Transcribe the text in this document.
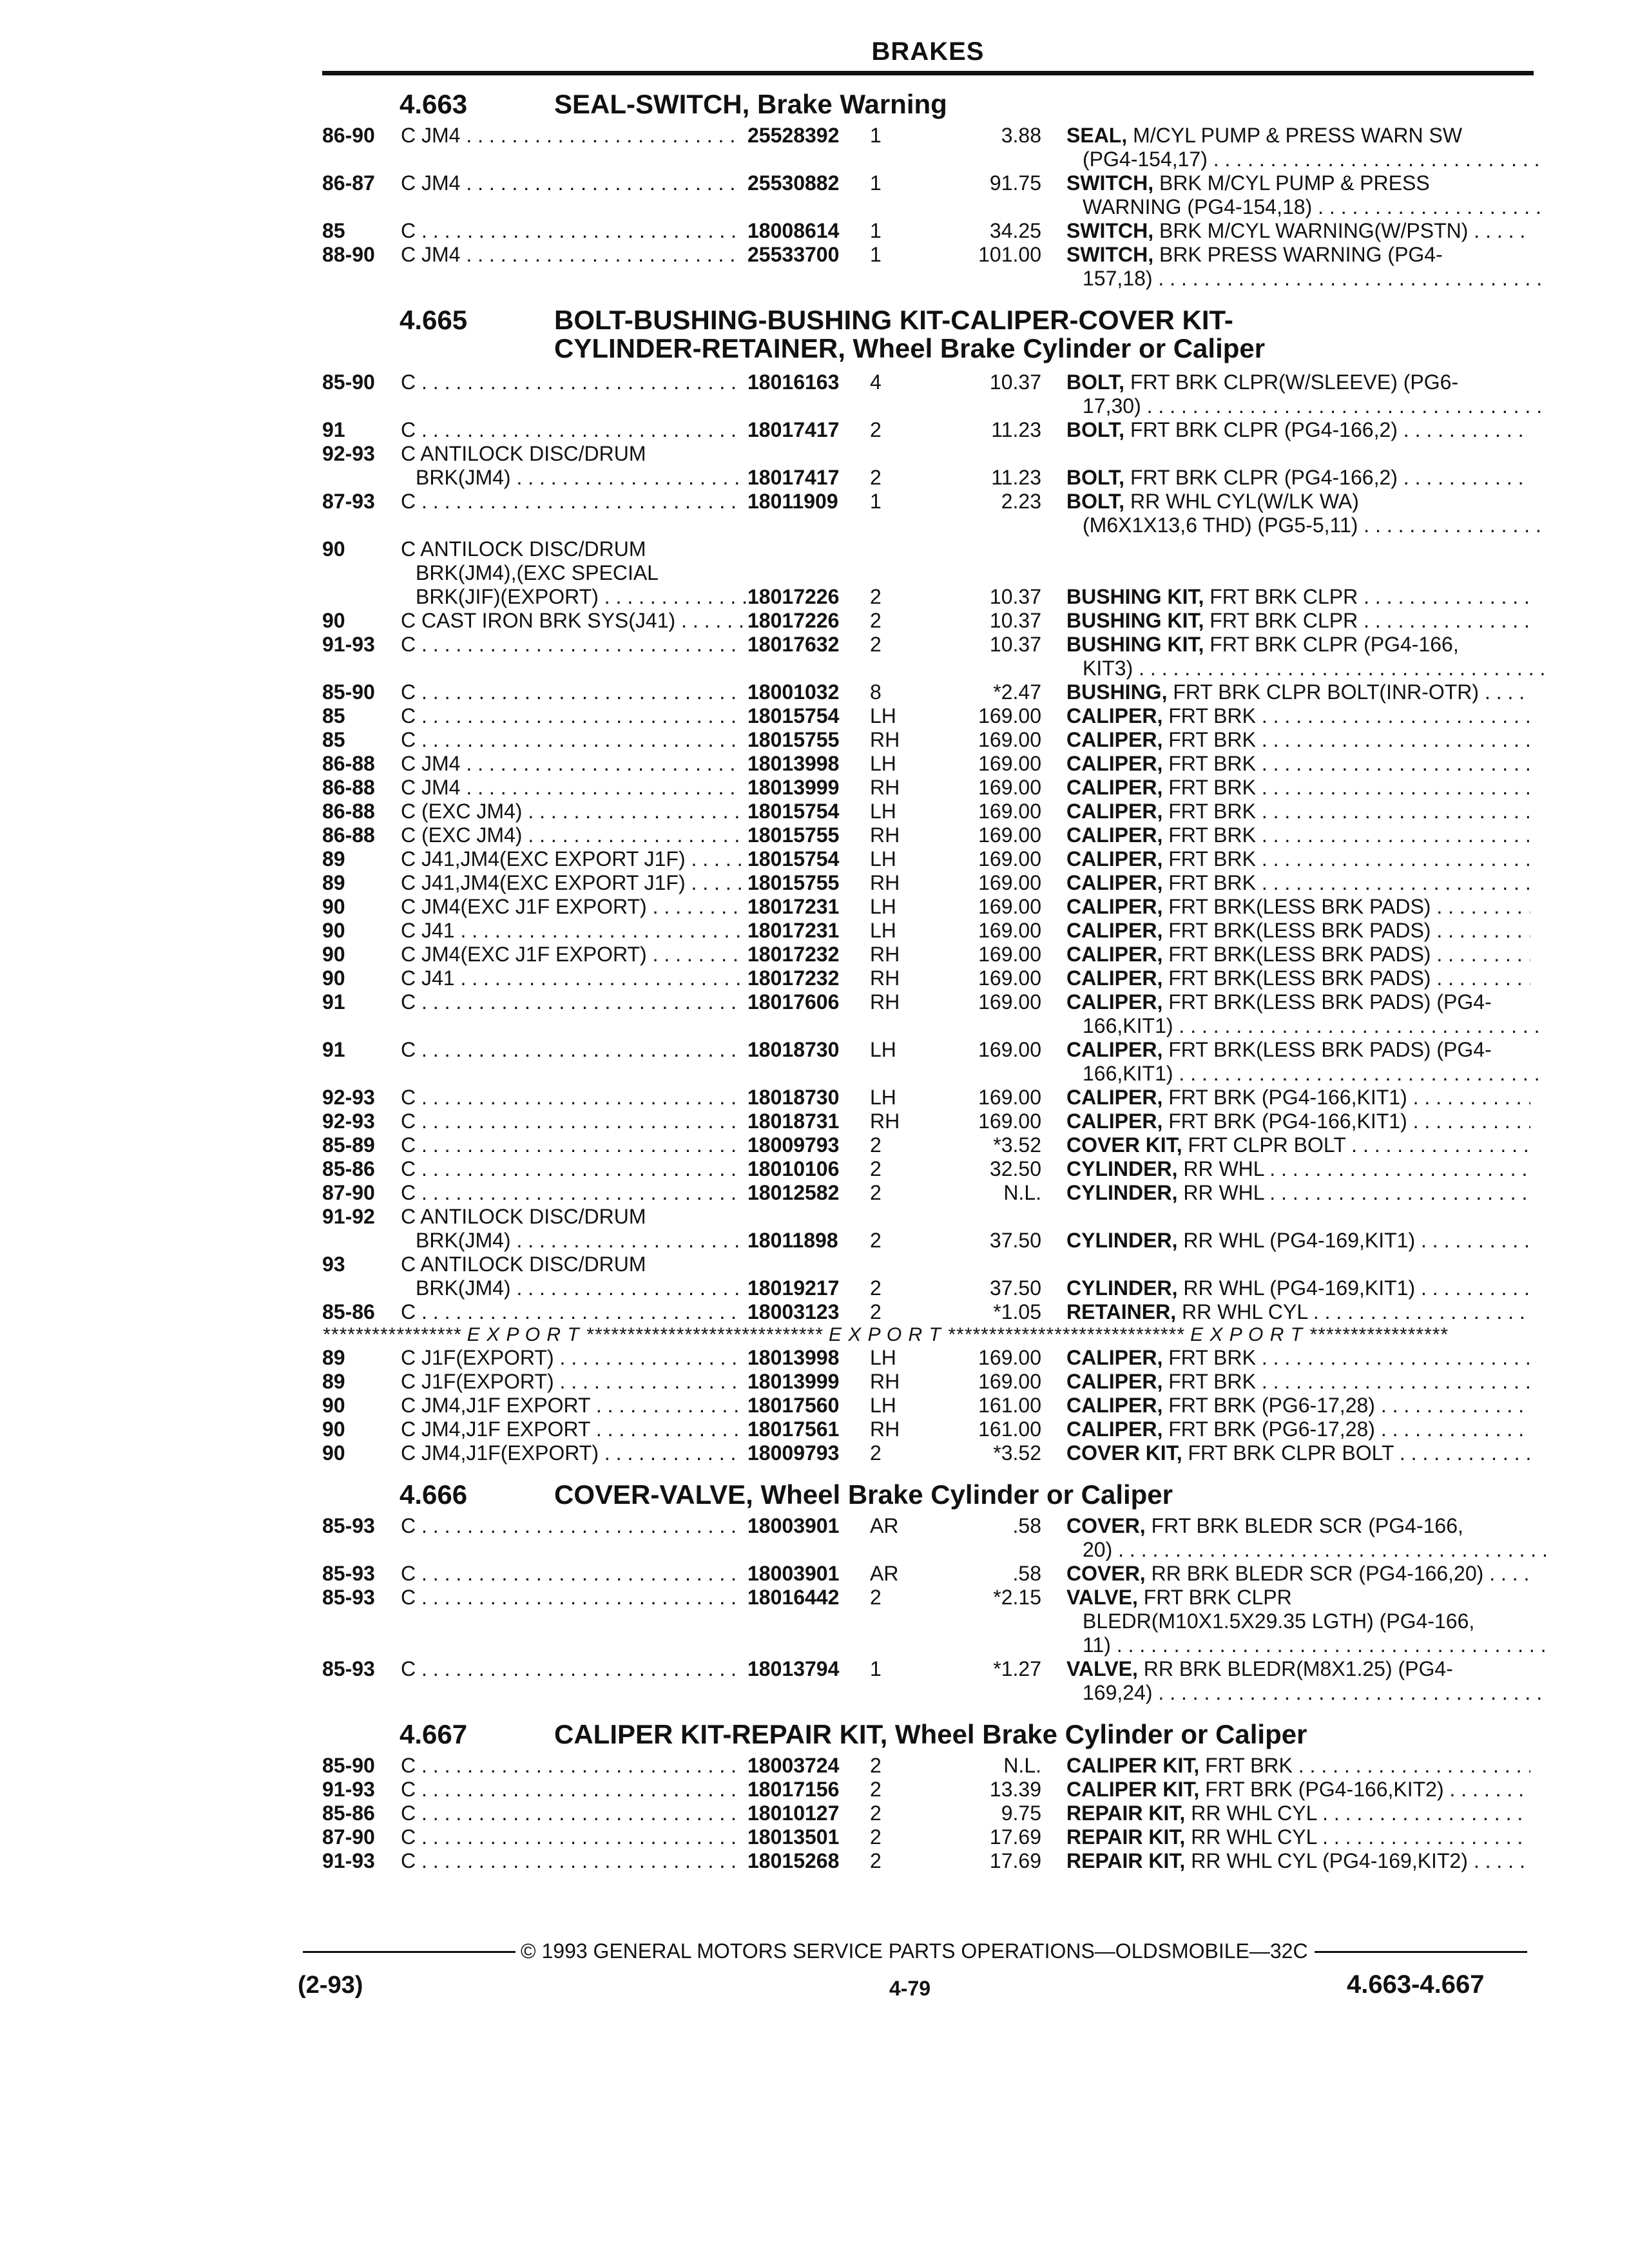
BRAKES
4.663	SEAL-SWITCH, Brake Warning
86-90 C JM4 . . .	25528392 1	3.88 SEAL, M/CYL PUMP & PRESS WARN SW
(PG4-154,17) . . .
86-87 C JM4 . . .	25530882 1	91.75 SWITCH, BRK M/CYL PUMP & PRESS
WARNING (PG4-154,18) . . .
85	C . . .	18008614 1	34.25 SWITCH, BRK M/CYL WARNING(W/PSTN) . . .
88-90 C JM4 . . .	25533700 1	101.00 SWITCH, BRK PRESS WARNING (PG4-
157,18) . . .
4.665	BOLT-BUSHING-BUSHING KIT-CALIPER-COVER KIT-
CYLINDER-RETAINER, Wheel Brake Cylinder or Caliper
85-90 C . . .	18016163 4	10.37 BOLT, FRT BRK CLPR(W/SLEEVE) (PG6-
17,30) . . .
91	C . . .	18017417 2	11.23 BOLT, FRT BRK CLPR (PG4-166,2) . . .
92-93 C ANTILOCK DISC/DRUM
BRK(JM4) . . .	18017417 2	11.23 BOLT, FRT BRK CLPR (PG4-166,2) . . .
87-93 C . . .	18011909 1	2.23 BOLT, RR WHL CYL(W/LK WA)
(M6X1X13,6 THD) (PG5-5,11) . . .
90	C ANTILOCK DISC/DRUM
BRK(JM4),(EXC SPECIAL
BRK(JIF)(EXPORT) . . .	18017226 2	10.37 BUSHING KIT, FRT BRK CLPR . . .
90	C CAST IRON BRK SYS(J41) . . .	18017226 2	10.37 BUSHING KIT, FRT BRK CLPR . . .
91-93 C . . .	18017632 2	10.37 BUSHING KIT, FRT BRK CLPR (PG4-166,
KIT3) . . .
85-90 C . . .	18001032 8	*2.47 BUSHING, FRT BRK CLPR BOLT(INR-OTR) . . .
85	C . . .	18015754 LH	169.00 CALIPER, FRT BRK . . .
85	C . . .	18015755 RH	169.00 CALIPER, FRT BRK . . .
86-88 C JM4 . . .	18013998 LH	169.00 CALIPER, FRT BRK . . .
86-88 C JM4 . . .	18013999 RH	169.00 CALIPER, FRT BRK . . .
86-88 C (EXC JM4) . . .	18015754 LH	169.00 CALIPER, FRT BRK . . .
86-88 C (EXC JM4) . . .	18015755 RH	169.00 CALIPER, FRT BRK . . .
89	C J41,JM4(EXC EXPORT J1F) . . .	18015754 LH	169.00 CALIPER, FRT BRK . . .
89	C J41,JM4(EXC EXPORT J1F) . . .	18015755 RH	169.00 CALIPER, FRT BRK . . .
90	C JM4(EXC J1F EXPORT) . . .	18017231 LH	169.00 CALIPER, FRT BRK(LESS BRK PADS) . . .
90	C J41 . . .	18017231 LH	169.00 CALIPER, FRT BRK(LESS BRK PADS) . . .
90	C JM4(EXC J1F EXPORT) . . .	18017232 RH	169.00 CALIPER, FRT BRK(LESS BRK PADS) . . .
90	C J41 . . .	18017232 RH	169.00 CALIPER, FRT BRK(LESS BRK PADS) . . .
91	C . . .	18017606 RH	169.00 CALIPER, FRT BRK(LESS BRK PADS) (PG4-
166,KIT1) . . .
91	C . . .	18018730 LH	169.00 CALIPER, FRT BRK(LESS BRK PADS) (PG4-
166,KIT1) . . .
92-93 C . . .	18018730 LH	169.00 CALIPER, FRT BRK (PG4-166,KIT1) . . .
92-93 C . . .	18018731 RH	169.00 CALIPER, FRT BRK (PG4-166,KIT1) . . .
85-89 C . . .	18009793 2	*3.52 COVER KIT, FRT CLPR BOLT . . .
85-86 C . . .	18010106 2	32.50 CYLINDER, RR WHL . . .
87-90 C . . .	18012582 2	N.L. CYLINDER, RR WHL . . .
91-92 C ANTILOCK DISC/DRUM
BRK(JM4) . . .	18011898 2	37.50 CYLINDER, RR WHL (PG4-169,KIT1) . . .
93	C ANTILOCK DISC/DRUM
BRK(JM4) . . .	18019217 2	37.50 CYLINDER, RR WHL (PG4-169,KIT1) . . .
85-86 C . . .	18003123 2	*1.05 RETAINER, RR WHL CYL . . .
***************** E X P O R T ***************************** E X P O R T ***************************** E X P O R T *****************
89	C J1F(EXPORT) . . .	18013998 LH	169.00 CALIPER, FRT BRK . . .
89	C J1F(EXPORT) . . .	18013999 RH	169.00 CALIPER, FRT BRK . . .
90	C JM4,J1F EXPORT . . .	18017560 LH	161.00 CALIPER, FRT BRK (PG6-17,28) . . .
90	C JM4,J1F EXPORT . . .	18017561 RH	161.00 CALIPER, FRT BRK (PG6-17,28) . . .
90	C JM4,J1F(EXPORT) . . .	18009793 2	*3.52 COVER KIT, FRT BRK CLPR BOLT . . .
4.666	COVER-VALVE, Wheel Brake Cylinder or Caliper
85-93 C . . .	18003901 AR	.58 COVER, FRT BRK BLEDR SCR (PG4-166,
20) . . .
85-93 C . . .	18003901 AR	.58 COVER, RR BRK BLEDR SCR (PG4-166,20) . . .
85-93 C . . .	18016442 2	*2.15 VALVE, FRT BRK CLPR
BLEDR(M10X1.5X29.35 LGTH) (PG4-166,
11) . . .
85-93 C . . .	18013794 1	*1.27 VALVE, RR BRK BLEDR(M8X1.25) (PG4-
169,24) . . .
4.667	CALIPER KIT-REPAIR KIT, Wheel Brake Cylinder or Caliper
85-90 C . . .	18003724 2	N.L. CALIPER KIT, FRT BRK . . .
91-93 C . . .	18017156 2	13.39 CALIPER KIT, FRT BRK (PG4-166,KIT2) . . .
85-86 C . . .	18010127 2	9.75 REPAIR KIT, RR WHL CYL . . .
87-90 C . . .	18013501 2	17.69 REPAIR KIT, RR WHL CYL . . .
91-93 C . . .	18015268 2	17.69 REPAIR KIT, RR WHL CYL (PG4-169,KIT2) . . .
© 1993 GENERAL MOTORS SERVICE PARTS OPERATIONS—OLDSMOBILE—32C
(2-93)	4-79	4.663-4.667
